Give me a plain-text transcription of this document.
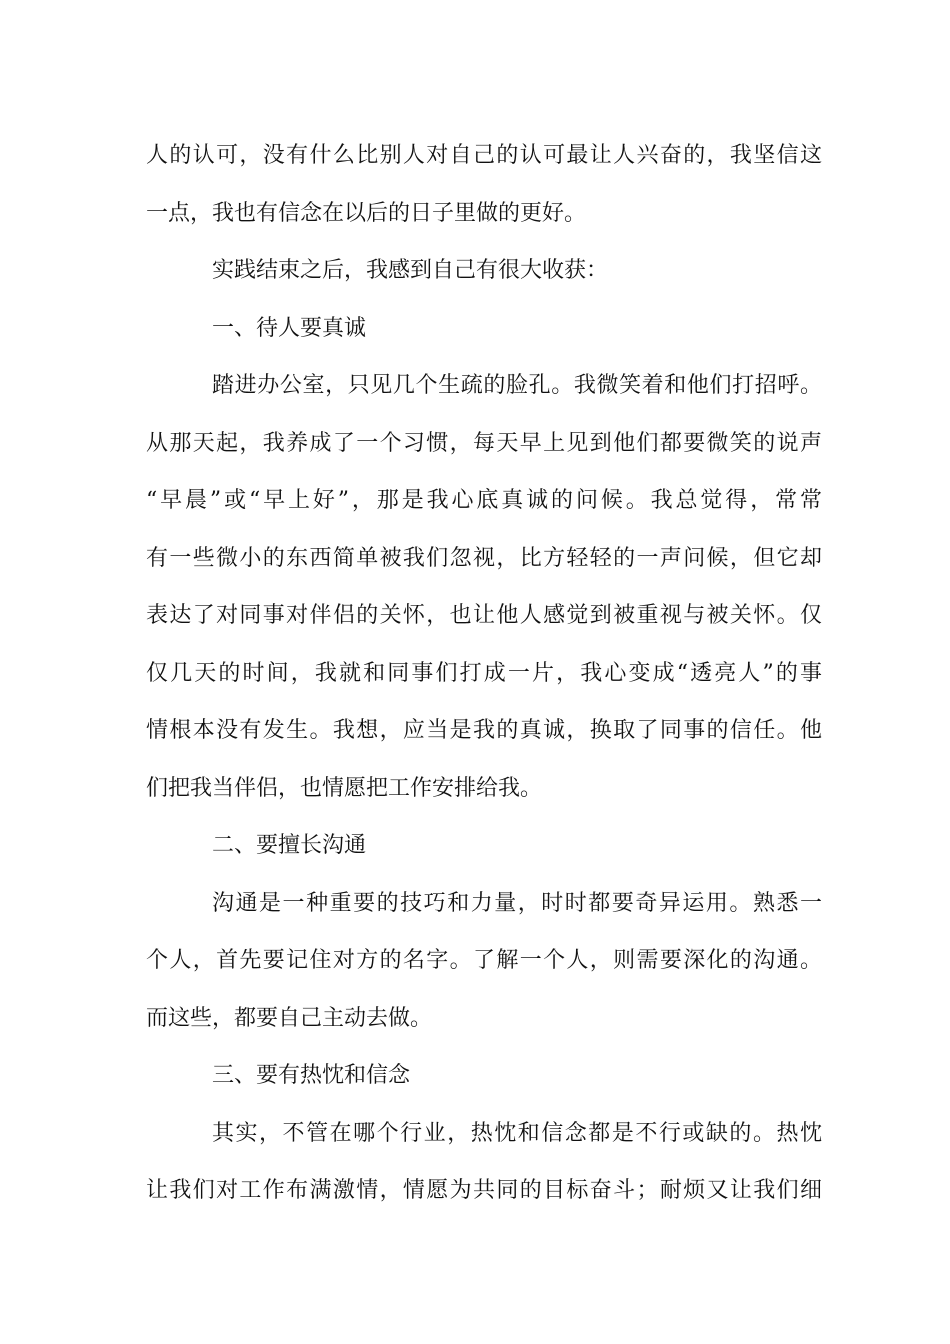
人的认可，没有什么比别人对自己的认可最让人兴奋的，我坚信这
一点，我也有信念在以后的日子里做的更好。
实践结束之后，我感到自己有很大收获：
一、待人要真诚
踏进办公室，只见几个生疏的脸孔。我微笑着和他们打招呼。
从那天起，我养成了一个习惯，每天早上见到他们都要微笑的说声
“早晨”或“早上好”，那是我心底真诚的问候。我总觉得，常常
有一些微小的东西简单被我们忽视，比方轻轻的一声问候，但它却
表达了对同事对伴侣的关怀，也让他人感觉到被重视与被关怀。仅
仅几天的时间，我就和同事们打成一片，我心变成“透亮人”的事
情根本没有发生。我想，应当是我的真诚，换取了同事的信任。他
们把我当伴侣，也情愿把工作安排给我。
二、要擅长沟通
沟通是一种重要的技巧和力量，时时都要奇异运用。熟悉一
个人，首先要记住对方的名字。了解一个人，则需要深化的沟通。
而这些，都要自己主动去做。
三、要有热忱和信念
其实，不管在哪个行业，热忱和信念都是不行或缺的。热忱
让我们对工作布满激情，情愿为共同的目标奋斗；耐烦又让我们细
